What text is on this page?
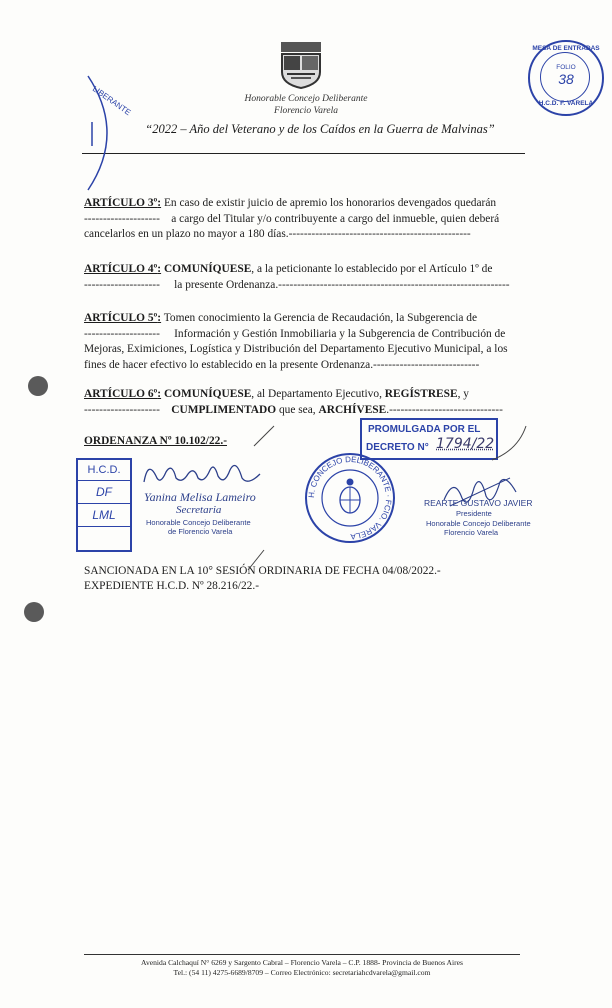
Honorable Concejo Deliberante
Florencio Varela
“2022 – Año del Veterano y de los Caídos en la Guerra de Malvinas”
LIBERANTE
MESA DE ENTRADAS
FOLIO
38
H.C.D. F. VARELA
ARTÍCULO 3º: En caso de existir juicio de apremio los honorarios devengados quedarán
-------------------- a cargo del Titular y/o contribuyente a cargo del inmueble, quien deberá
cancelarlos en un plazo no mayor a 180 días.------------------------------------------------
ARTÍCULO 4º: COMUNÍQUESE, a la peticionante lo establecido por el Artículo 1º de
-------------------- la presente Ordenanza.-------------------------------------------------------------
ARTÍCULO 5º: Tomen conocimiento la Gerencia de Recaudación, la Subgerencia de
-------------------- Información y Gestión Inmobiliaria y la Subgerencia de Contribución de
Mejoras, Eximiciones, Logística y Distribución del Departamento Ejecutivo Municipal, a los
fines de hacer efectivo lo establecido en la presente Ordenanza.----------------------------
ARTÍCULO 6º: COMUNÍQUESE, al Departamento Ejecutivo, REGÍSTRESE, y
-------------------- CUMPLIMENTADO que sea, ARCHÍVESE.------------------------------
PROMULGADA POR EL
DECRETO N° 1794/22
ORDENANZA Nº 10.102/22.-
H.C.D.
DF
LML
Yanina Melisa Lameiro
Secretaria
Honorable Concejo Deliberante
de Florencio Varela
H. CONCEJO DELIBERANTE · FCIO. VARELA
REARTE GUSTAVO JAVIER
Presidente
Honorable Concejo Deliberante
Florencio Varela
SANCIONADA EN LA 10° SESIÓN ORDINARIA DE FECHA 04/08/2022.-
EXPEDIENTE H.C.D. Nº 28.216/22.-
Avenida Calchaquí N° 6269 y Sargento Cabral – Florencio Varela – C.P. 1888- Provincia de Buenos Aires
Tel.: (54 11) 4275-6689/8709 – Correo Electrónico: secretariahcdvarela@gmail.com
